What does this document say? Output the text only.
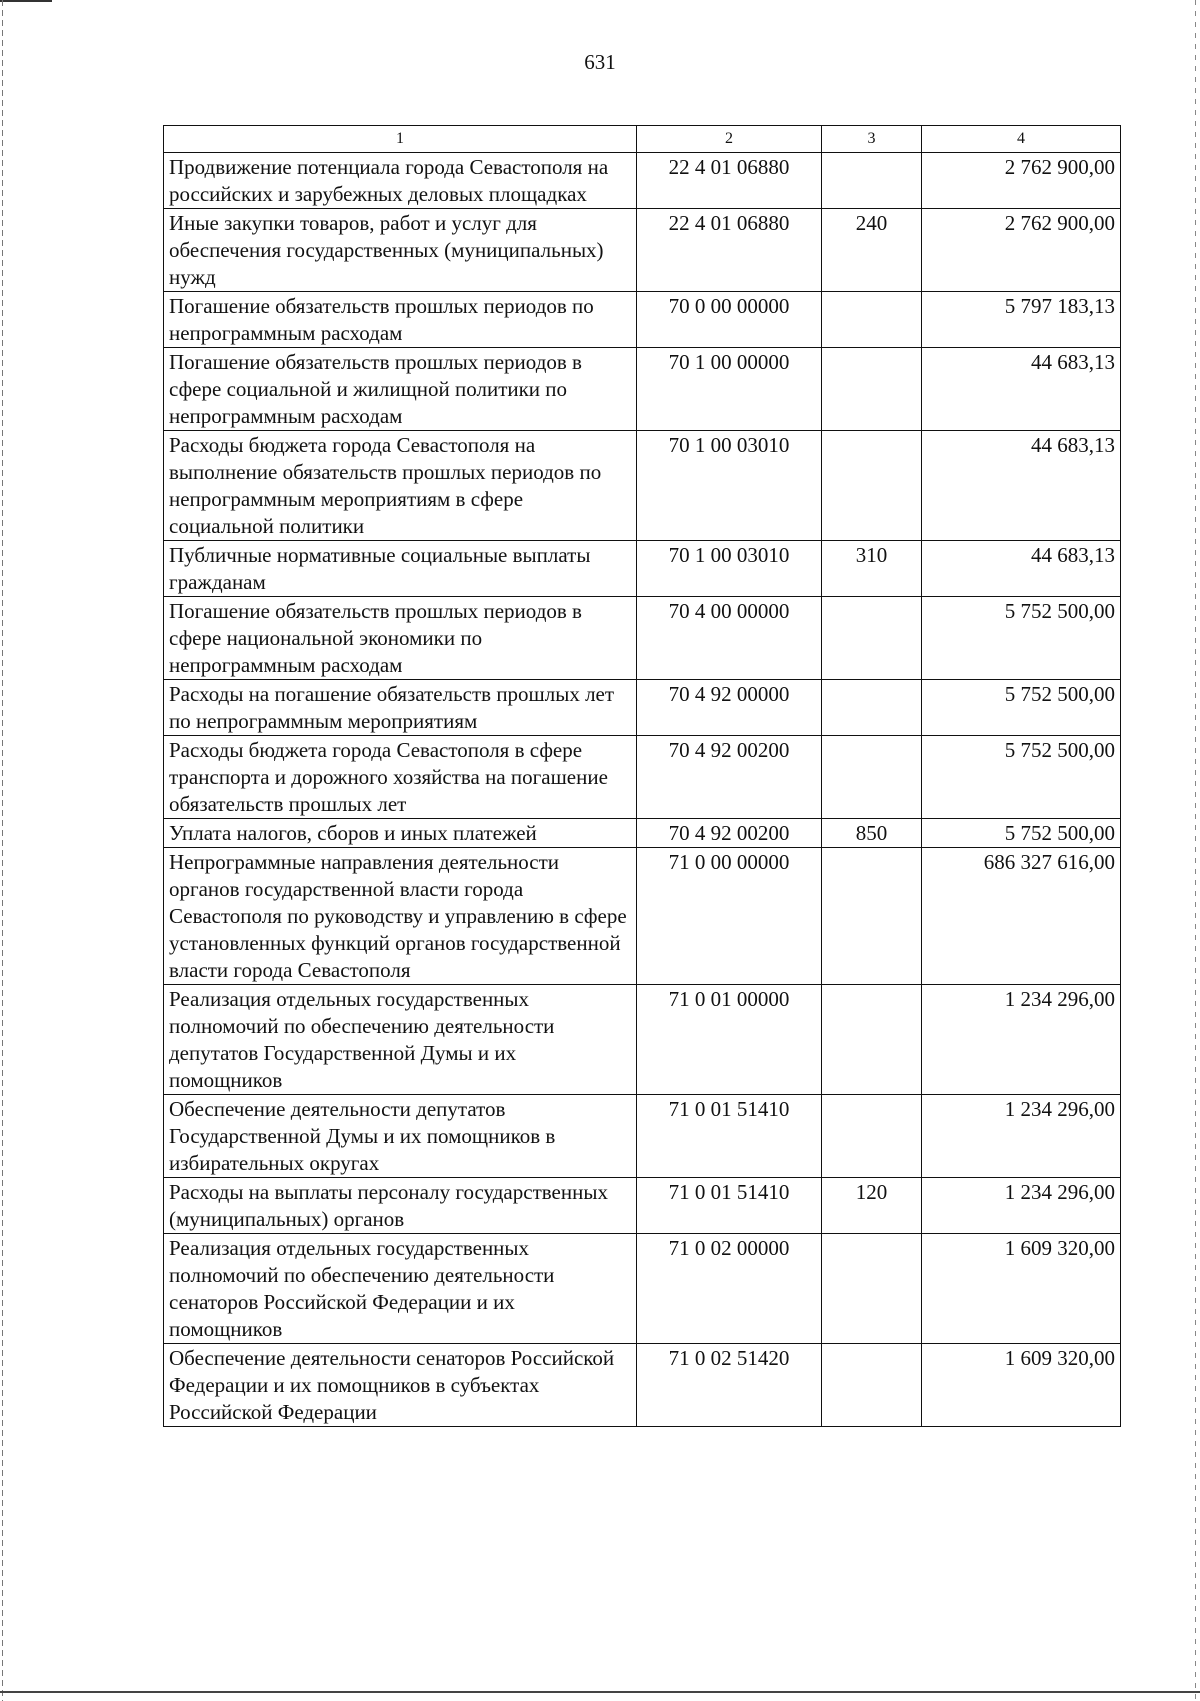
631
1	2	3	4
Продвижение потенциала города Севастополя на российских и зарубежных деловых площадках	22 4 01 06880		2 762 900,00
Иные закупки товаров, работ и услуг для обеспечения государственных (муниципальных) нужд	22 4 01 06880	240	2 762 900,00
Погашение обязательств прошлых периодов по непрограммным расходам	70 0 00 00000		5 797 183,13
Погашение обязательств прошлых периодов в сфере социальной и жилищной политики по непрограммным расходам	70 1 00 00000		44 683,13
Расходы бюджета города Севастополя на выполнение обязательств прошлых периодов по непрограммным мероприятиям в сфере социальной политики	70 1 00 03010		44 683,13
Публичные нормативные социальные выплаты гражданам	70 1 00 03010	310	44 683,13
Погашение обязательств прошлых периодов в сфере национальной экономики по непрограммным расходам	70 4 00 00000		5 752 500,00
Расходы на погашение обязательств прошлых лет по непрограммным мероприятиям	70 4 92 00000		5 752 500,00
Расходы бюджета города Севастополя в сфере транспорта и дорожного хозяйства на погашение обязательств прошлых лет	70 4 92 00200		5 752 500,00
Уплата налогов, сборов и иных платежей	70 4 92 00200	850	5 752 500,00
Непрограммные направления деятельности органов государственной власти города Севастополя по руководству и управлению в сфере установленных функций органов государственной власти города Севастополя	71 0 00 00000		686 327 616,00
Реализация отдельных государственных полномочий по обеспечению деятельности депутатов Государственной Думы и их помощников	71 0 01 00000		1 234 296,00
Обеспечение деятельности депутатов Государственной Думы и их помощников в избирательных округах	71 0 01 51410		1 234 296,00
Расходы на выплаты персоналу государственных (муниципальных) органов	71 0 01 51410	120	1 234 296,00
Реализация отдельных государственных полномочий по обеспечению деятельности сенаторов Российской Федерации и их помощников	71 0 02 00000		1 609 320,00
Обеспечение деятельности сенаторов Российской Федерации и их помощников в субъектах Российской Федерации	71 0 02 51420		1 609 320,00
